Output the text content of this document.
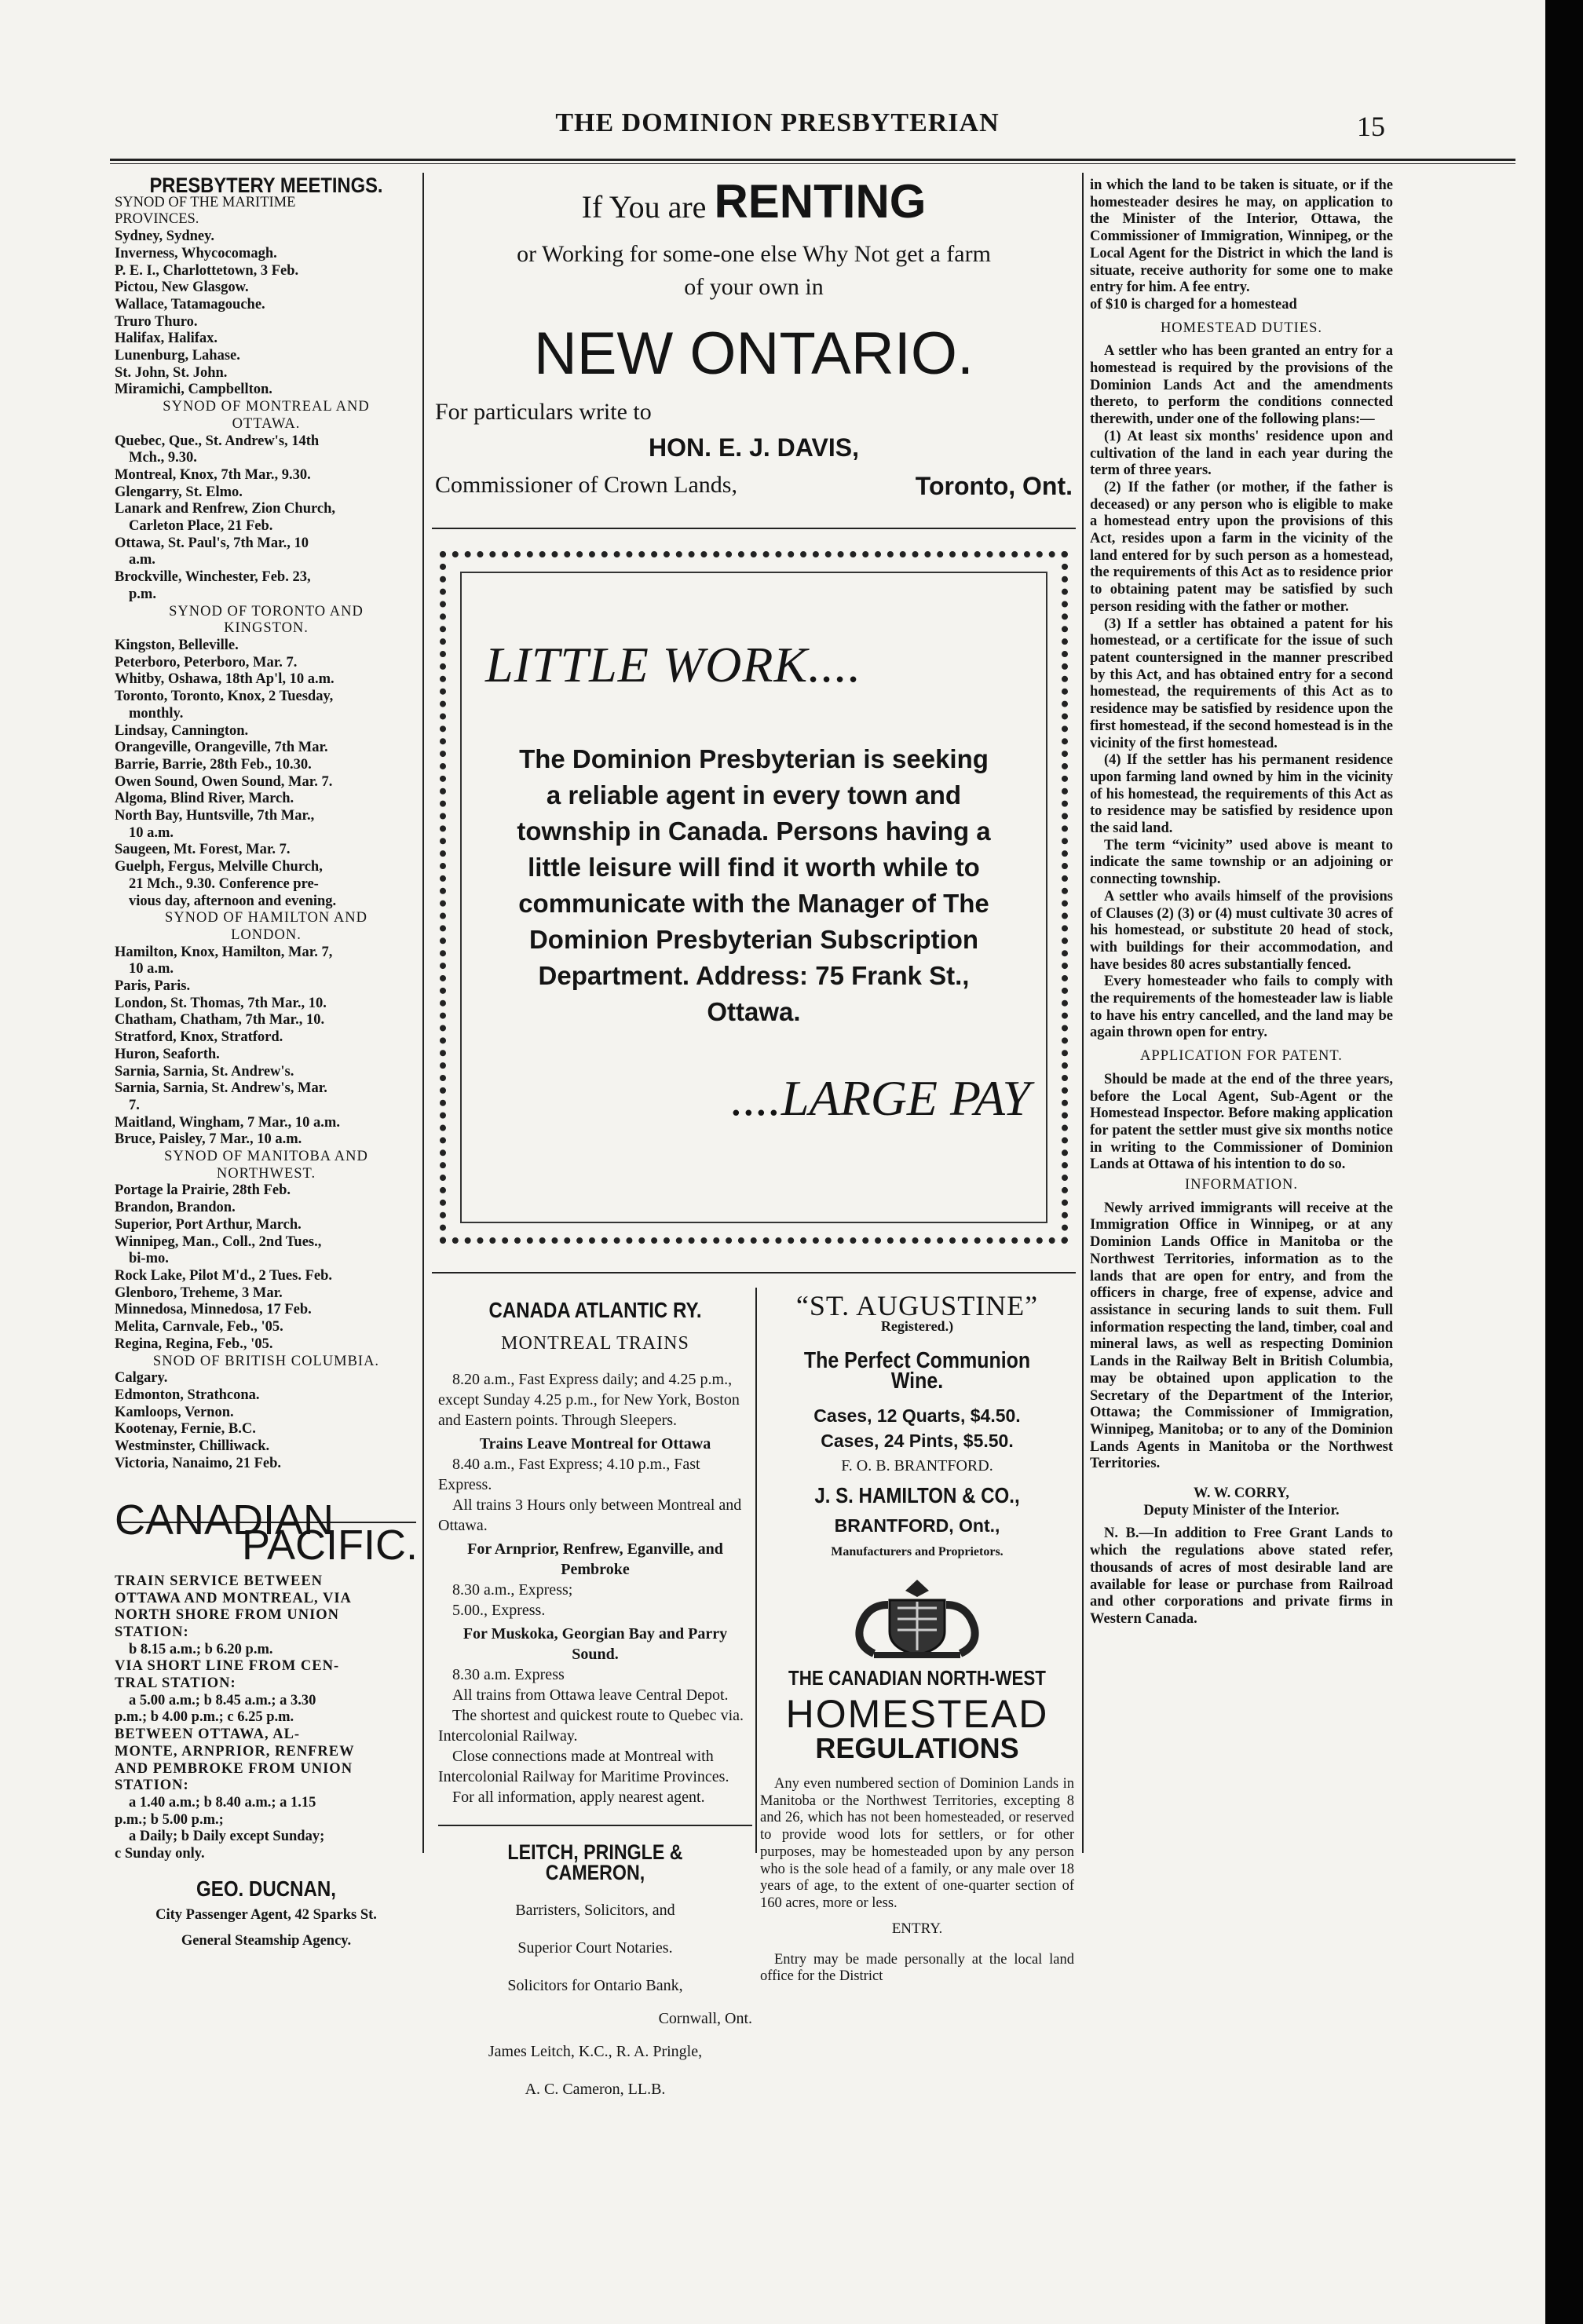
THE DOMINION PRESBYTERIAN	15
PRESBYTERY MEETINGS.

SYNOD OF THE MARITIME

PROVINCES.

Sydney, Sydney.

Inverness, Whycocomagh.

P. E. I., Charlottetown, 3 Feb.

Pictou, New Glasgow.

Wallace, Tatamagouche.

Truro Thuro.

Halifax, Halifax.

Lunenburg, Lahase.

St. John, St. John.

Miramichi, Campbellton.

SYNOD OF MONTREAL AND

OTTAWA.

Quebec, Que., St. Andrew's, 14th

Mch., 9.30.

Montreal, Knox, 7th Mar., 9.30.

Glengarry, St. Elmo.

Lanark and Renfrew, Zion Church,

Carleton Place, 21 Feb.

Ottawa, St. Paul's, 7th Mar., 10

a.m.

Brockville, Winchester, Feb. 23,

p.m.

SYNOD OF TORONTO AND

KINGSTON.

Kingston, Belleville.

Peterboro, Peterboro, Mar. 7.

Whitby, Oshawa, 18th Ap'l, 10 a.m.

Toronto, Toronto, Knox, 2 Tuesday,

monthly.

Lindsay, Cannington.

Orangeville, Orangeville, 7th Mar.

Barrie, Barrie, 28th Feb., 10.30.

Owen Sound, Owen Sound, Mar. 7.

Algoma, Blind River, March.

North Bay, Huntsville, 7th Mar.,

10 a.m.

Saugeen, Mt. Forest, Mar. 7.

Guelph, Fergus, Melville Church,

21 Mch., 9.30. Conference pre-

vious day, afternoon and evening.

SYNOD OF HAMILTON AND

LONDON.

Hamilton, Knox, Hamilton, Mar. 7,

10 a.m.

Paris, Paris.

London, St. Thomas, 7th Mar., 10.

Chatham, Chatham, 7th Mar., 10.

Stratford, Knox, Stratford.

Huron, Seaforth.

Sarnia, Sarnia, St. Andrew's.

Sarnia, Sarnia, St. Andrew's, Mar.

7.

Maitland, Wingham, 7 Mar., 10 a.m.

Bruce, Paisley, 7 Mar., 10 a.m.

SYNOD OF MANITOBA AND

NORTHWEST.

Portage la Prairie, 28th Feb.

Brandon, Brandon.

Superior, Port Arthur, March.

Winnipeg, Man., Coll., 2nd Tues.,

bi-mo.

Rock Lake, Pilot M'd., 2 Tues. Feb.

Glenboro, Treheme, 3 Mar.

Minnedosa, Minnedosa, 17 Feb.

Melita, Carnvale, Feb., '05.

Regina, Regina, Feb., '05.

SNOD OF BRITISH COLUMBIA.

Calgary.

Edmonton, Strathcona.

Kamloops, Vernon.

Kootenay, Fernie, B.C.

Westminster, Chilliwack.

Victoria, Nanaimo, 21 Feb.

CANADIAN
PACIFIC.

TRAIN SERVICE BETWEEN

OTTAWA AND MONTREAL, VIA

NORTH SHORE FROM UNION

STATION:

b 8.15 a.m.; b 6.20 p.m.

VIA SHORT LINE FROM CEN-

TRAL STATION:

a 5.00 a.m.; b 8.45 a.m.; a 3.30

p.m.; b 4.00 p.m.; c 6.25 p.m.

BETWEEN OTTAWA, AL-

MONTE, ARNPRIOR, RENFREW

AND PEMBROKE FROM UNION

STATION:

a 1.40 a.m.; b 8.40 a.m.; a 1.15

p.m.; b 5.00 p.m.;

a Daily; b Daily except Sunday;

c Sunday only.

GEO. DUCNAN,

City Passenger Agent, 42 Sparks St.

General Steamship Agency.

If You are RENTING
or Working for some-one else Why Not get a farm
of your own in
NEW ONTARIO.
For particulars write to
HON. E. J. DAVIS,
Commissioner of Crown Lands,	Toronto, Ont.
LITTLE WORK....
The Dominion Presbyterian is seeking a reliable agent in every town and township in Canada. Persons having a little leisure will find it worth while to communicate with the Manager of The Dominion Presbyterian Subscription Department. Address: 75 Frank St., Ottawa.
....LARGE PAY
CANADA ATLANTIC RY.
MONTREAL TRAINS

8.20 a.m., Fast Express daily; and 4.25 p.m., except Sunday 4.25 p.m., for New York, Boston and Eastern points. Through Sleepers.

Trains Leave Montreal for Ottawa

8.40 a.m., Fast Express; 4.10 p.m., Fast Express.

All trains 3 Hours only between Montreal and Ottawa.

For Arnprior, Renfrew, Eganville, and Pembroke

8.30 a.m., Express;

5.00., Express.

For Muskoka, Georgian Bay and Parry Sound.

8.30 a.m. Express

All trains from Ottawa leave Central Depot.

The shortest and quickest route to Quebec via. Intercolonial Railway.

Close connections made at Montreal with Intercolonial Railway for Maritime Provinces.

For all information, apply nearest agent.

LEITCH, PRINGLE & CAMERON,

Barristers, Solicitors, and

Superior Court Notaries.

Solicitors for Ontario Bank,

Cornwall, Ont.

James Leitch, K.C., R. A. Pringle,

A. C. Cameron, LL.B.

“ST. AUGUSTINE”
Registered.)
The Perfect Communion Wine.
Cases, 12 Quarts, $4.50.
Cases, 24 Pints, $5.50.
F. O. B. BRANTFORD.
J. S. HAMILTON & CO.,
BRANTFORD, Ont.,
Manufacturers and Proprietors.
THE CANADIAN NORTH-WEST
HOMESTEAD
REGULATIONS

Any even numbered section of Dominion Lands in Manitoba or the Northwest Territories, excepting 8 and 26, which has not been homesteaded, or reserved to provide wood lots for settlers, or for other purposes, may be homesteaded upon by any person who is the sole head of a family, or any male over 18 years of age, to the extent of one-quarter section of 160 acres, more or less.

ENTRY.

Entry may be made personally at the local land office for the District

in which the land to be taken is situate, or if the homesteader desires he may, on application to the Minister of the Interior, Ottawa, the Commissioner of Immigration, Winnipeg, or the Local Agent for the District in which the land is situate, receive authority for some one to make entry for him. A fee entry.

of $10 is charged for a homestead

HOMESTEAD DUTIES.

A settler who has been granted an entry for a homestead is required by the provisions of the Dominion Lands Act and the amendments thereto, to perform the conditions connected therewith, under one of the following plans:—

(1) At least six months' residence upon and cultivation of the land in each year during the term of three years.

(2) If the father (or mother, if the father is deceased) or any person who is eligible to make a homestead entry upon the provisions of this Act, resides upon a farm in the vicinity of the land entered for by such person as a homestead, the requirements of this Act as to residence prior to obtaining patent may be satisfied by such person residing with the father or mother.

(3) If a settler has obtained a patent for his homestead, or a certificate for the issue of such patent countersigned in the manner prescribed by this Act, and has obtained entry for a second homestead, the requirements of this Act as to residence may be satisfied by residence upon the first homestead, if the second homestead is in the vicinity of the first homestead.

(4) If the settler has his permanent residence upon farming land owned by him in the vicinity of his homestead, the requirements of this Act as to residence may be satisfied by residence upon the said land.

The term “vicinity” used above is meant to indicate the same township or an adjoining or connecting township.

A settler who avails himself of the provisions of Clauses (2) (3) or (4) must cultivate 30 acres of his homestead, or substitute 20 head of stock, with buildings for their accommodation, and have besides 80 acres substantially fenced.

Every homesteader who fails to comply with the requirements of the homesteader law is liable to have his entry cancelled, and the land may be again thrown open for entry.

APPLICATION FOR PATENT.

Should be made at the end of the three years, before the Local Agent, Sub-Agent or the Homestead Inspector. Before making application for patent the settler must give six months notice in writing to the Commissioner of Dominion Lands at Ottawa of his intention to do so.

INFORMATION.

Newly arrived immigrants will receive at the Immigration Office in Winnipeg, or at any Dominion Lands Office in Manitoba or the Northwest Territories, information as to the lands that are open for entry, and from the officers in charge, free of expense, advice and assistance in securing lands to suit them. Full information respecting the land, timber, coal and mineral laws, as well as respecting Dominion Lands in the Railway Belt in British Columbia, may be obtained upon application to the Secretary of the Department of the Interior, Ottawa; the Commissioner of Immigration, Winnipeg, Manitoba; or to any of the Dominion Lands Agents in Manitoba or the Northwest Territories.

W. W. CORRY,

Deputy Minister of the Interior.

N. B.—In addition to Free Grant Lands to which the regulations above stated refer, thousands of acres of most desirable land are available for lease or purchase from Railroad and other corporations and private firms in Western Canada.
